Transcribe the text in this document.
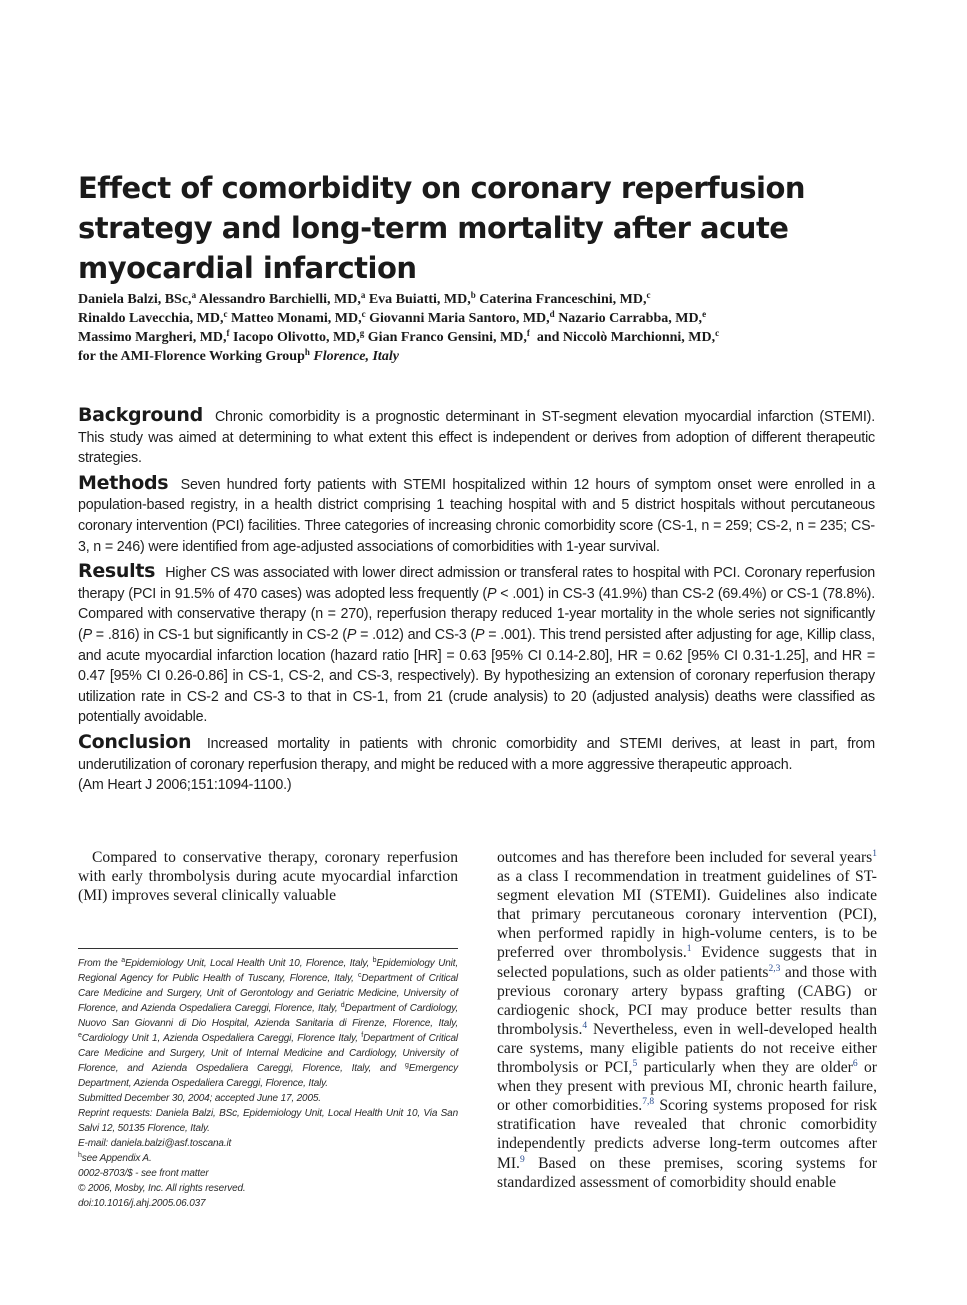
Effect of comorbidity on coronary reperfusion strategy and long-term mortality after acute myocardial infarction
Daniela Balzi, BSc,$^a$ Alessandro Barchielli, MD,$^a$ Eva Buiatti, MD,$^b$ Caterina Franceschini, MD,$^c$
Rinaldo Lavecchia, MD,$^c$ Matteo Monami, MD,$^c$ Giovanni Maria Santoro, MD,$^d$ Nazario Carrabba, MD,$^e$
Massimo Margheri, MD,$^f$ Iacopo Olivotto, MD,$^g$ Gian Franco Gensini, MD,$^f$ and Niccolò Marchionni, MD,$^c$
for the AMI-Florence Working Group$^h$ Florence, Italy

Background Chronic comorbidity is a prognostic determinant in ST-segment elevation myocardial infarction (STEMI). This study was aimed at determining to what extent this effect is independent or derives from adoption of different therapeutic strategies.

Methods Seven hundred forty patients with STEMI hospitalized within 12 hours of symptom onset were enrolled in a population-based registry, in a health district comprising 1 teaching hospital with and 5 district hospitals without percutaneous coronary intervention (PCI) facilities. Three categories of increasing chronic comorbidity score (CS-1, n = 259; CS-2, n = 235; CS-3, n = 246) were identified from age-adjusted associations of comorbidities with 1-year survival.

Results Higher CS was associated with lower direct admission or transferal rates to hospital with PCI. Coronary reperfusion therapy (PCI in 91.5% of 470 cases) was adopted less frequently (P < .001) in CS-3 (41.9%) than CS-2 (69.4%) or CS-1 (78.8%). Compared with conservative therapy (n = 270), reperfusion therapy reduced 1-year mortality in the whole series not significantly (P = .816) in CS-1 but significantly in CS-2 (P = .012) and CS-3 (P = .001). This trend persisted after adjusting for age, Killip class, and acute myocardial infarction location (hazard ratio [HR] = 0.63 [95% CI 0.14-2.80], HR = 0.62 [95% CI 0.31-1.25], and HR = 0.47 [95% CI 0.26-0.86] in CS-1, CS-2, and CS-3, respectively). By hypothesizing an extension of coronary reperfusion therapy utilization rate in CS-2 and CS-3 to that in CS-1, from 21 (crude analysis) to 20 (adjusted analysis) deaths were classified as potentially avoidable.

Conclusion Increased mortality in patients with chronic comorbidity and STEMI derives, at least in part, from underutilization of coronary reperfusion therapy, and might be reduced with a more aggressive therapeutic approach.
(Am Heart J 2006;151:1094-1100.)

Compared to conservative therapy, coronary reperfusion with early thrombolysis during acute myocardial infarction (MI) improves several clinically valuable
outcomes and has therefore been included for several years$^1$ as a class I recommendation in treatment guidelines of ST-segment elevation MI (STEMI). Guidelines also indicate that primary percutaneous coronary intervention (PCI), when performed rapidly in high-volume centers, is to be preferred over thrombolysis.$^1$ Evidence suggests that in selected populations, such as older patients$^{2,3}$ and those with previous coronary artery bypass grafting (CABG) or cardiogenic shock, PCI may produce better results than thrombolysis.$^4$ Nevertheless, even in well-developed health care systems, many eligible patients do not receive either thrombolysis or PCI,$^5$ particularly when they are older$^6$ or when they present with previous MI, chronic hearth failure, or other comorbidities.$^{7,8}$ Scoring systems proposed for risk stratification have revealed that chronic comorbidity independently predicts adverse long-term outcomes after MI.$^9$ Based on these premises, scoring systems for standardized assessment of comorbidity should enable
From the $^a$Epidemiology Unit, Local Health Unit 10, Florence, Italy, $^b$Epidemiology Unit, Regional Agency for Public Health of Tuscany, Florence, Italy, $^c$Department of Critical Care Medicine and Surgery, Unit of Gerontology and Geriatric Medicine, University of Florence, and Azienda Ospedaliera Careggi, Florence, Italy, $^d$Department of Cardiology, Nuovo San Giovanni di Dio Hospital, Azienda Sanitaria di Firenze, Florence, Italy, $^e$Cardiology Unit 1, Azienda Ospedaliera Careggi, Florence Italy, $^f$Department of Critical Care Medicine and Surgery, Unit of Internal Medicine and Cardiology, University of Florence, and Azienda Ospedaliera Careggi, Florence, Italy, and $^g$Emergency Department, Azienda Ospedaliera Careggi, Florence, Italy.
Submitted December 30, 2004; accepted June 17, 2005.
Reprint requests: Daniela Balzi, BSc, Epidemiology Unit, Local Health Unit 10, Via San Salvi 12, 50135 Florence, Italy.
E-mail: daniela.balzi@asf.toscana.it
$^h$see Appendix A.
0002-8703/$ - see front matter
© 2006, Mosby, Inc. All rights reserved.
doi:10.1016/j.ahj.2005.06.037
